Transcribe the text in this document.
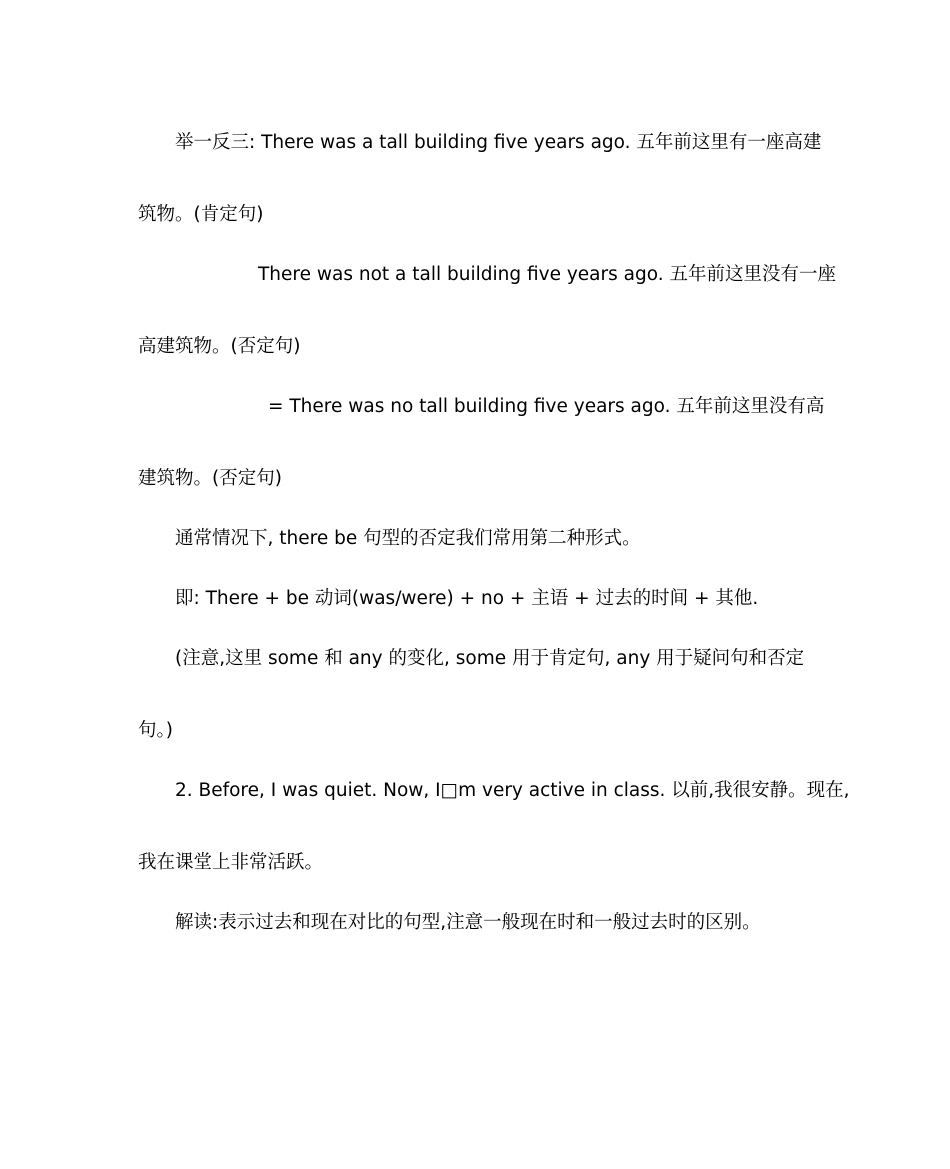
举一反三: There was a tall building five years ago. 五年前这里有一座高建
筑物。(肯定句)
There was not a tall building five years ago. 五年前这里没有一座
高建筑物。(否定句)
= There was no tall building five years ago. 五年前这里没有高
建筑物。(否定句)
通常情况下, there be 句型的否定我们常用第二种形式。
即: There + be 动词(was/were) + no + 主语 + 过去的时间 + 其他.
(注意,这里 some 和 any 的变化, some 用于肯定句, any 用于疑问句和否定
句。)
2. Before, I was quiet. Now, I□m very active in class. 以前,我很安静。现在,
我在课堂上非常活跃。
解读:表示过去和现在对比的句型,注意一般现在时和一般过去时的区别。
